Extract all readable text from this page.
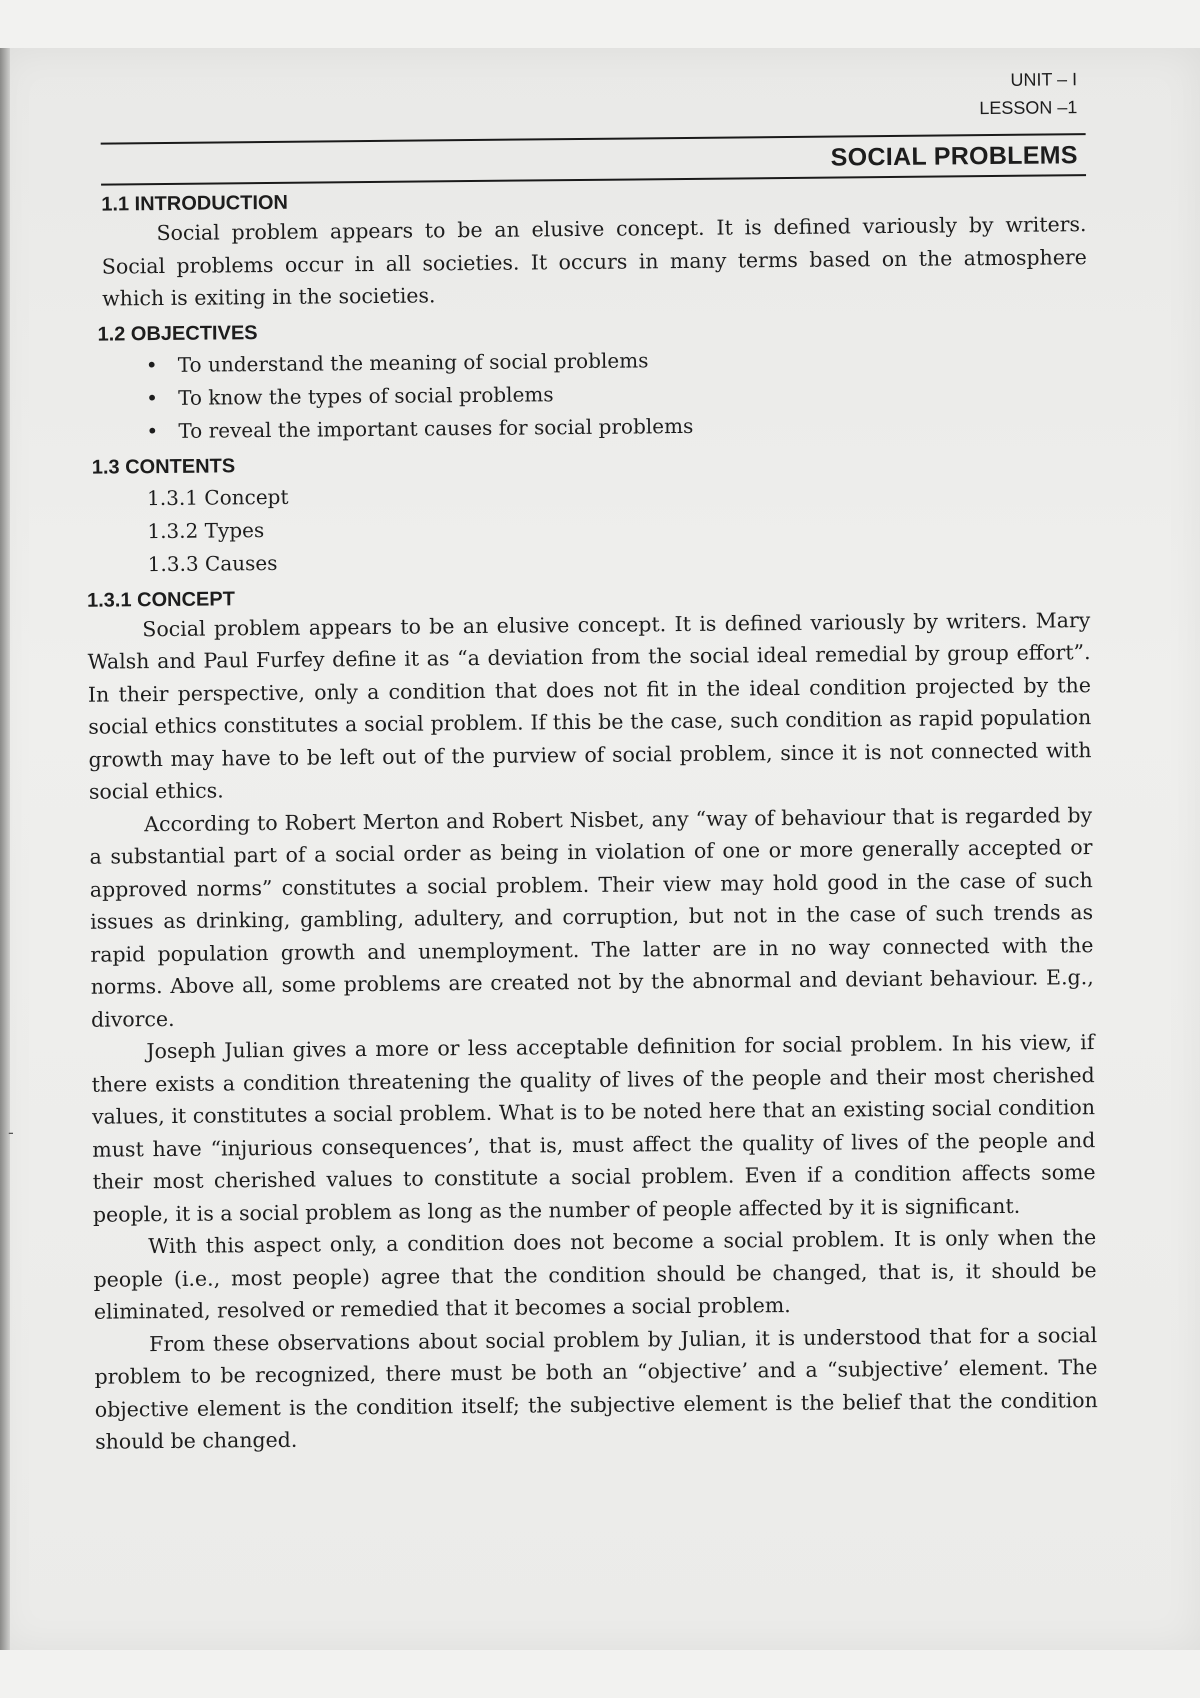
-
UNIT – I
LESSON –1
SOCIAL PROBLEMS
1.1 INTRODUCTION

Social problem appears to be an elusive concept. It is defined variously by writers. Social problems occur in all societies. It occurs in many terms based on the atmosphere which is exiting in the societies.

1.2 OBJECTIVES
• To understand the meaning of social problems
• To know the types of social problems
• To reveal the important causes for social problems
1.3 CONTENTS
1.3.1 Concept
1.3.2 Types
1.3.3 Causes
1.3.1 CONCEPT

Social problem appears to be an elusive concept. It is defined variously by writers. Mary Walsh and Paul Furfey define it as “a deviation from the social ideal remedial by group effort”. In their perspective, only a condition that does not fit in the ideal condition projected by the social ethics constitutes a social problem. If this be the case, such condition as rapid population growth may have to be left out of the purview of social problem, since it is not connected with social ethics.

According to Robert Merton and Robert Nisbet, any “way of behaviour that is regarded by a substantial part of a social order as being in violation of one or more generally accepted or approved norms” constitutes a social problem. Their view may hold good in the case of such issues as drinking, gambling, adultery, and corruption, but not in the case of such trends as rapid population growth and unemployment. The latter are in no way connected with the norms. Above all, some problems are created not by the abnormal and deviant behaviour. E.g., divorce.

Joseph Julian gives a more or less acceptable definition for social problem. In his view, if there exists a condition threatening the quality of lives of the people and their most cherished values, it constitutes a social problem. What is to be noted here that an existing social condition must have “injurious consequences’, that is, must affect the quality of lives of the people and their most cherished values to constitute a social problem. Even if a condition affects some people, it is a social problem as long as the number of people affected by it is significant.

With this aspect only, a condition does not become a social problem. It is only when the people (i.e., most people) agree that the condition should be changed, that is, it should be eliminated, resolved or remedied that it becomes a social problem.

From these observations about social problem by Julian, it is understood that for a social problem to be recognized, there must be both an “objective’ and a “subjective’ element. The objective element is the condition itself; the subjective element is the belief that the condition should be changed.
